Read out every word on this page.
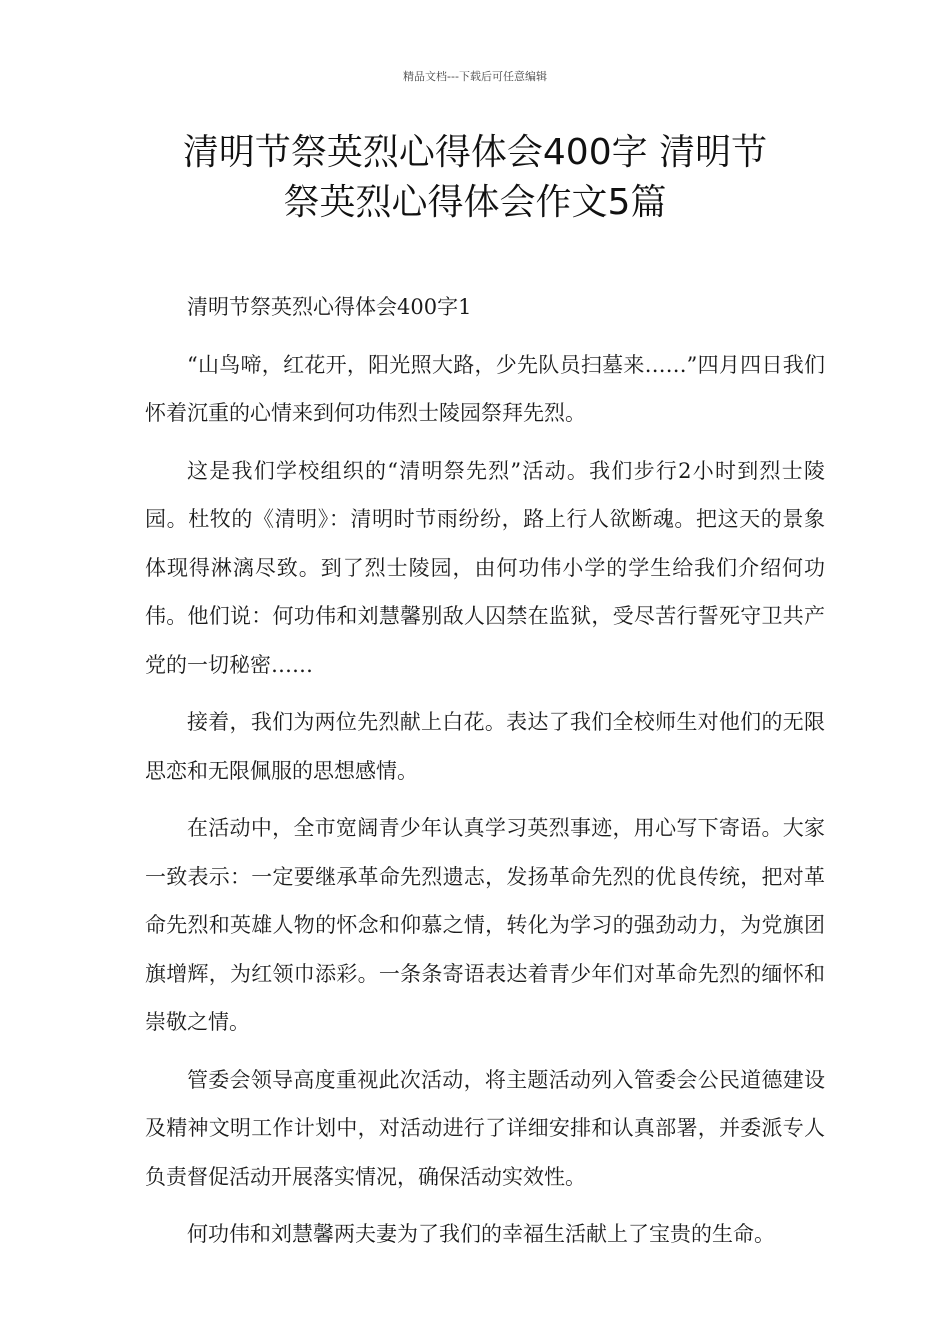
精品文档---下载后可任意编辑
清明节祭英烈心得体会400字 清明节
祭英烈心得体会作文5篇

清明节祭英烈心得体会400字1

“山鸟啼，红花开，阳光照大路，少先队员扫墓来……”四月四日我们怀着沉重的心情来到何功伟烈士陵园祭拜先烈。

这是我们学校组织的“清明祭先烈”活动。我们步行2小时到烈士陵园。杜牧的《清明》：清明时节雨纷纷，路上行人欲断魂。把这天的景象体现得淋漓尽致。到了烈士陵园，由何功伟小学的学生给我们介绍何功伟。他们说：何功伟和刘慧馨别敌人囚禁在监狱，受尽苦行誓死守卫共产党的一切秘密……

接着，我们为两位先烈献上白花。表达了我们全校师生对他们的无限思恋和无限佩服的思想感情。

在活动中，全市宽阔青少年认真学习英烈事迹，用心写下寄语。大家一致表示：一定要继承革命先烈遗志，发扬革命先烈的优良传统，把对革命先烈和英雄人物的怀念和仰慕之情，转化为学习的强劲动力，为党旗团旗增辉，为红领巾添彩。一条条寄语表达着青少年们对革命先烈的缅怀和崇敬之情。

管委会领导高度重视此次活动，将主题活动列入管委会公民道德建设及精神文明工作计划中，对活动进行了详细安排和认真部署，并委派专人负责督促活动开展落实情况，确保活动实效性。

何功伟和刘慧馨两夫妻为了我们的幸福生活献上了宝贵的生命。
